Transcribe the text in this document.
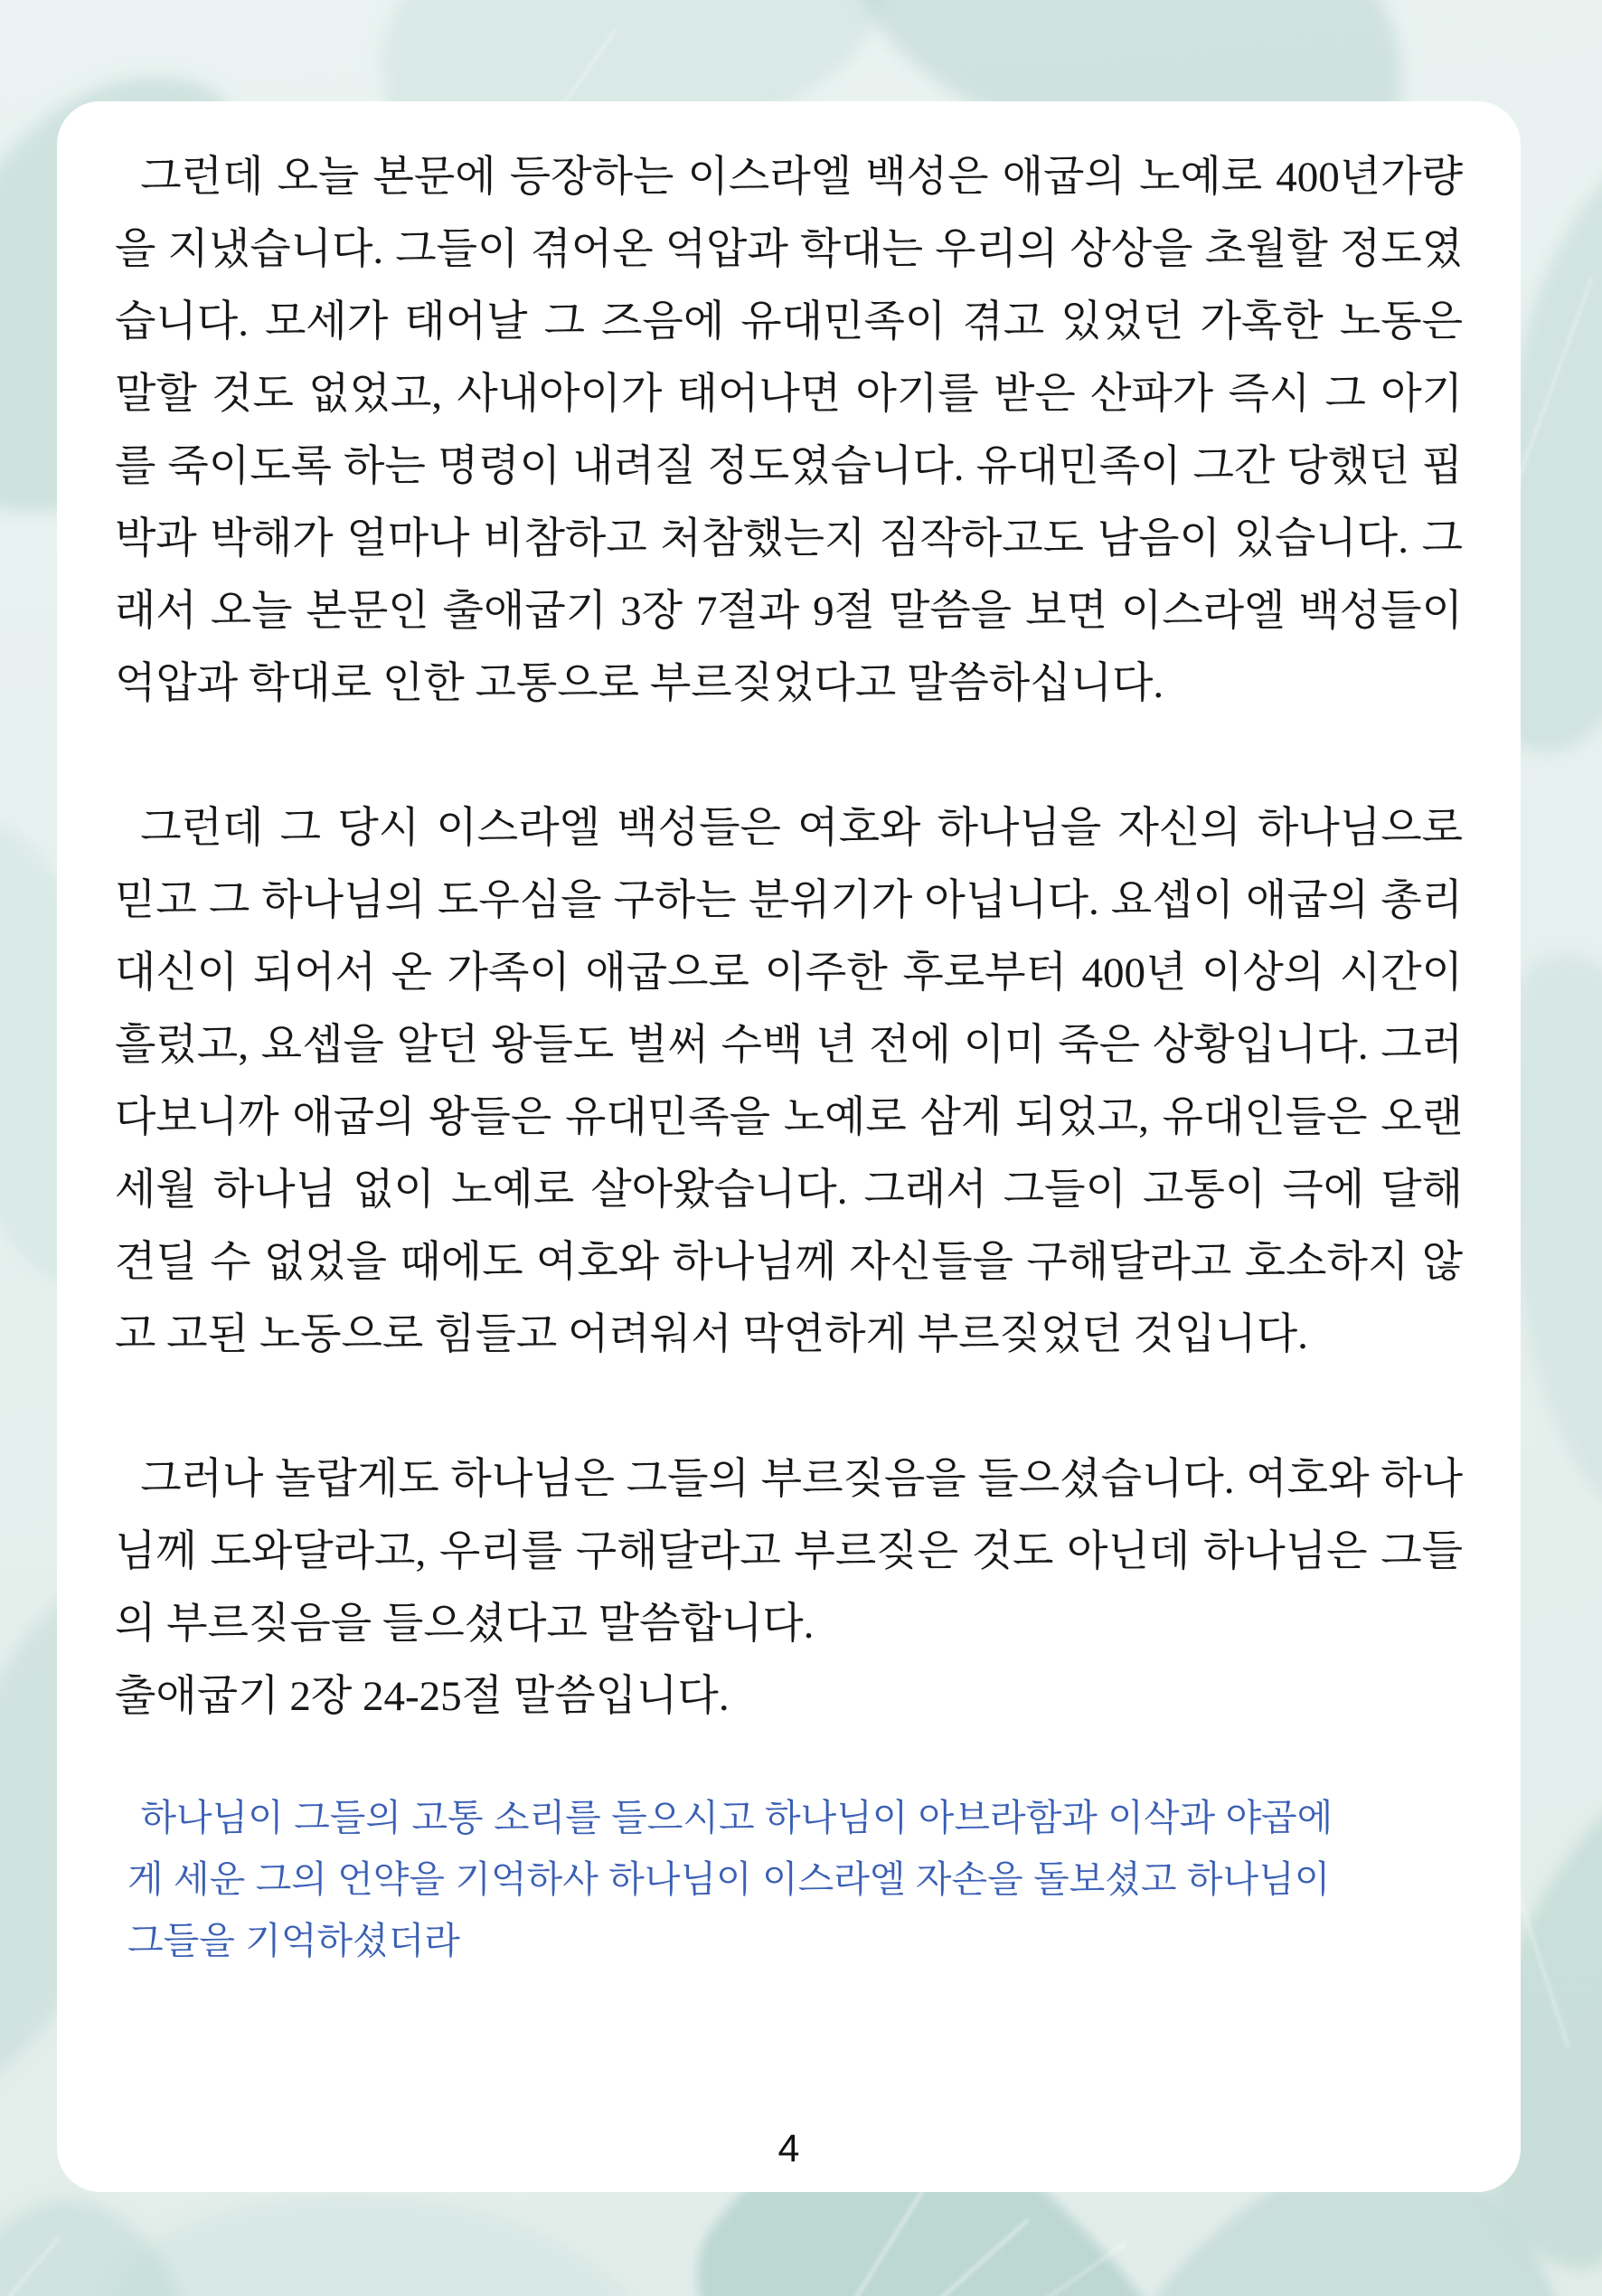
그런데 오늘 본문에 등장하는 이스라엘 백성은 애굽의 노예로 400년가량을 지냈습니다. 그들이 겪어온 억압과 학대는 우리의 상상을 초월할 정도였습니다. 모세가 태어날 그 즈음에 유대민족이 겪고 있었던 가혹한 노동은 말할 것도 없었고, 사내아이가 태어나면 아기를 받은 산파가 즉시 그 아기를 죽이도록 하는 명령이 내려질 정도였습니다. 유대민족이 그간 당했던 핍박과 박해가 얼마나 비참하고 처참했는지 짐작하고도 남음이 있습니다. 그래서 오늘 본문인 출애굽기 3장 7절과 9절 말씀을 보면 이스라엘 백성들이 억압과 학대로 인한 고통으로 부르짖었다고 말씀하십니다.

그런데 그 당시 이스라엘 백성들은 여호와 하나님을 자신의 하나님으로 믿고 그 하나님의 도우심을 구하는 분위기가 아닙니다. 요셉이 애굽의 총리대신이 되어서 온 가족이 애굽으로 이주한 후로부터 400년 이상의 시간이 흘렀고, 요셉을 알던 왕들도 벌써 수백 년 전에 이미 죽은 상황입니다. 그러다보니까 애굽의 왕들은 유대민족을 노예로 삼게 되었고, 유대인들은 오랜 세월 하나님 없이 노예로 살아왔습니다. 그래서 그들이 고통이 극에 달해 견딜 수 없었을 때에도 여호와 하나님께 자신들을 구해달라고 호소하지 않고 고된 노동으로 힘들고 어려워서 막연하게 부르짖었던 것입니다.

그러나 놀랍게도 하나님은 그들의 부르짖음을 들으셨습니다. 여호와 하나님께 도와달라고, 우리를 구해달라고 부르짖은 것도 아닌데 하나님은 그들의 부르짖음을 들으셨다고 말씀합니다.

출애굽기 2장 24-25절 말씀입니다.

하나님이 그들의 고통 소리를 들으시고 하나님이 아브라함과 이삭과 야곱에게 세운 그의 언약을 기억하사 하나님이 이스라엘 자손을 돌보셨고 하나님이 그들을 기억하셨더라
4
